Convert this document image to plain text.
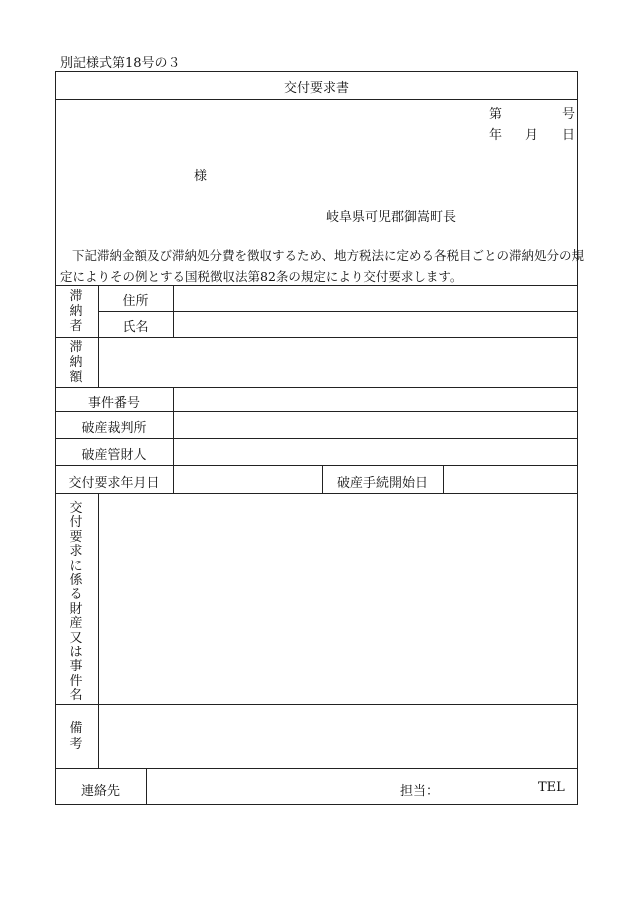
別記様式第18号の３
交付要求書
第	号
年 月 日
様
岐阜県可児郡御嵩町長
下記滞納金額及び滞納処分費を徴収するため、地方税法に定める各税目ごとの滞納処分の規
定によりその例とする国税徴収法第82条の規定により交付要求します。
滞納者
住所
氏名
滞納額
事件番号
破産裁判所
破産管財人
交付要求年月日	破産手続開始日
交付要求に係る財産又は事件名
備考
連絡先	担当：	TEL
